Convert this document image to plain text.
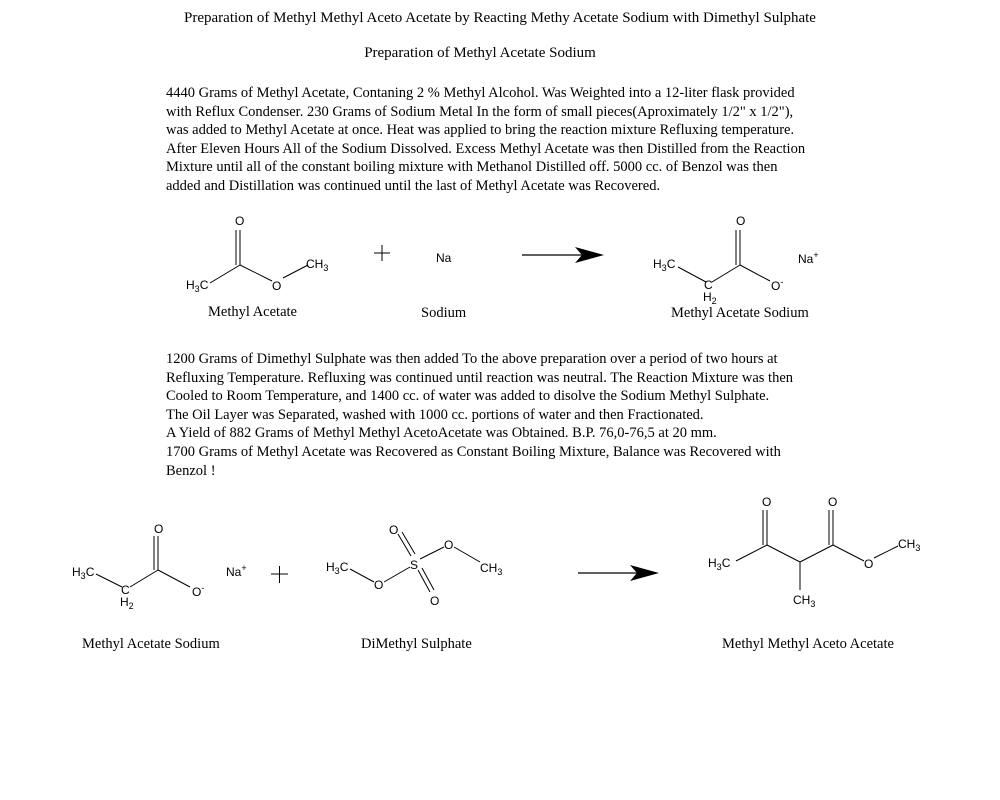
Preparation of Methyl Methyl Aceto Acetate by Reacting Methy Acetate Sodium with Dimethyl Sulphate
Preparation of Methyl Acetate Sodium

4440 Grams of Methyl Acetate, Contaning 2 % Methyl Alcohol. Was Weighted into a 12-liter flask provided

with Reflux Condenser. 230 Grams of Sodium Metal In the form of small pieces(Aproximately 1/2" x 1/2"),

was added to Methyl Acetate at once. Heat was applied to bring the reaction mixture Refluxing temperature.

After Eleven Hours All of the Sodium Dissolved. Excess Methyl Acetate was then Distilled from the Reaction

Mixture until all of the constant boiling mixture with Methanol Distilled off. 5000 cc. of Benzol was then

added and Distillation was continued until the last of Methyl Acetate was Recovered.

O
$H_3C$	O
$CH_3$
Na
O
$H_3C$
C
$H_2$
O-
Na+
Methyl Acetate	Sodium	Methyl Acetate Sodium

1200 Grams of Dimethyl Sulphate was then added To the above preparation over a period of two hours at

Refluxing Temperature. Refluxing was continued until reaction was neutral. The Reaction Mixture was then

Cooled to Room Temperature, and 1400 cc. of water was added to disolve the Sodium Methyl Sulphate.

The Oil Layer was Separated, washed with 1000 cc. portions of water and then Fractionated.

A Yield of 882 Grams of Methyl Methyl AcetoAcetate was Obtained. B.P. 76,0-76,5 at 20 mm.

1700 Grams of Methyl Acetate was Recovered as Constant Boiling Mixture, Balance was Recovered with

Benzol !

O
$H_3C$
C
$H_2$
O-
Na+	$H_3C$
O
S
O
O
O
$CH_3$
O	O
$H_3C$	O
$CH_3$
$CH_3$
Methyl Acetate Sodium	DiMethyl Sulphate	Methyl Methyl Aceto Acetate
